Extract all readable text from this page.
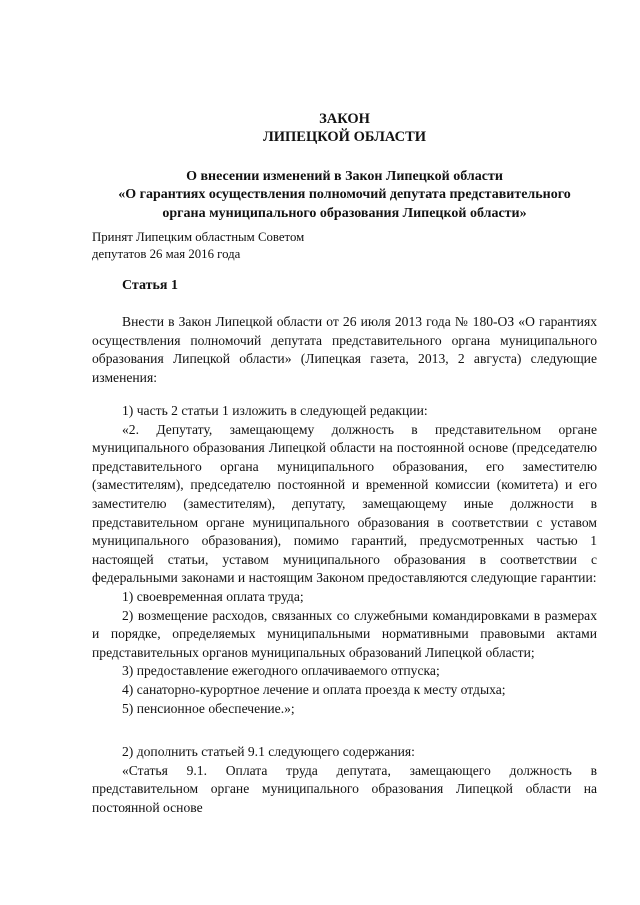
ЗАКОН
ЛИПЕЦКОЙ ОБЛАСТИ
О внесении изменений в Закон Липецкой области
«О гарантиях осуществления полномочий депутата представительного
органа муниципального образования Липецкой области»
Принят Липецким областным Советом
депутатов 26 мая 2016 года
Статья 1

Внести в Закон Липецкой области от 26 июля 2013 года № 180-ОЗ «О гарантиях осуществления полномочий депутата представительного органа муниципального образования Липецкой области» (Липецкая газета, 2013, 2 августа) следующие изменения:

1) часть 2 статьи 1 изложить в следующей редакции:

«2. Депутату, замещающему должность в представительном органе муниципального образования Липецкой области на постоянной основе (председателю представительного органа муниципального образования, его заместителю (заместителям), председателю постоянной и временной комиссии (комитета) и его заместителю (заместителям), депутату, замещающему иные должности в представительном органе муниципального образования в соответствии с уставом муниципального образования), помимо гарантий, предусмотренных частью 1 настоящей статьи, уставом муниципального образования в соответствии с федеральными законами и настоящим Законом предоставляются следующие гарантии:

1) своевременная оплата труда;

2) возмещение расходов, связанных со служебными командировками в размерах и порядке, определяемых муниципальными нормативными правовыми актами представительных органов муниципальных образований Липецкой области;

3) предоставление ежегодного оплачиваемого отпуска;

4) санаторно-курортное лечение и оплата проезда к месту отдыха;

5) пенсионное обеспечение.»;

2) дополнить статьей 9.1 следующего содержания:

«Статья 9.1. Оплата труда депутата, замещающего должность в представительном органе муниципального образования Липецкой области на постоянной основе
